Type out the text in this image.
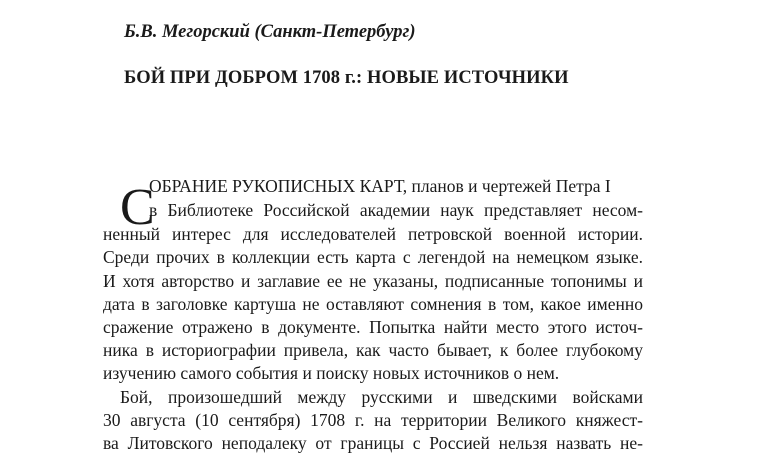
Б.В. Мегорский (Санкт-Петербург)

БОЙ ПРИ ДОБРОМ 1708 г.: НОВЫЕ ИСТОЧНИКИ
С
ОБРАНИЕ РУКОПИСНЫХ КАРТ, планов и чертежей Петра I
в Библиотеке Российской академии наук представляет несом-
ненный интерес для исследователей петровской военной истории.
Среди прочих в коллекции есть карта с легендой на немецком языке.
И хотя авторство и заглавие ее не указаны, подписанные топонимы и
дата в заголовке картуша не оставляют сомнения в том, какое именно
сражение отражено в документе. Попытка найти место этого источ-
ника в историографии привела, как часто бывает, к более глубокому
изучению самого события и поиску новых источников о нем.
Бой, произошедший между русскими и шведскими войсками
30 августа (10 сентября) 1708 г. на территории Великого княжест-
ва Литовского неподалеку от границы с Россией нельзя назвать не-
